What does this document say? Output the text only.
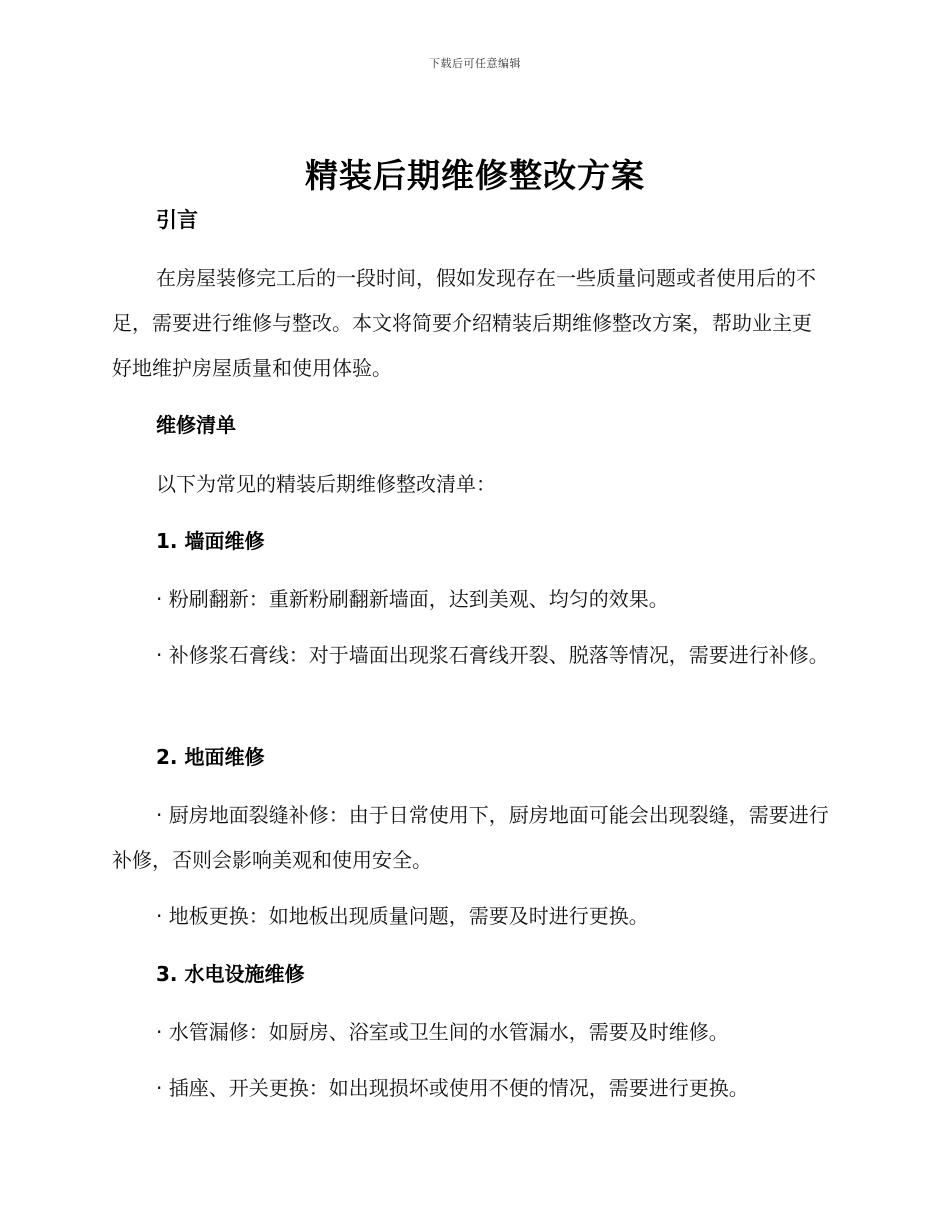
下载后可任意编辑
精装后期维修整改方案
引言
在房屋装修完工后的一段时间，假如发现存在一些质量问题或者使用后的不足，需要进行维修与整改。本文将简要介绍精装后期维修整改方案，帮助业主更好地维护房屋质量和使用体验。
维修清单
以下为常见的精装后期维修整改清单：
1. 墙面维修
· 粉刷翻新：重新粉刷翻新墙面，达到美观、均匀的效果。
· 补修浆石膏线：对于墙面出现浆石膏线开裂、脱落等情况，需要进行补修。
2. 地面维修
· 厨房地面裂缝补修：由于日常使用下，厨房地面可能会出现裂缝，需要进行补修，否则会影响美观和使用安全。
· 地板更换：如地板出现质量问题，需要及时进行更换。
3. 水电设施维修
· 水管漏修：如厨房、浴室或卫生间的水管漏水，需要及时维修。
· 插座、开关更换：如出现损坏或使用不便的情况，需要进行更换。
